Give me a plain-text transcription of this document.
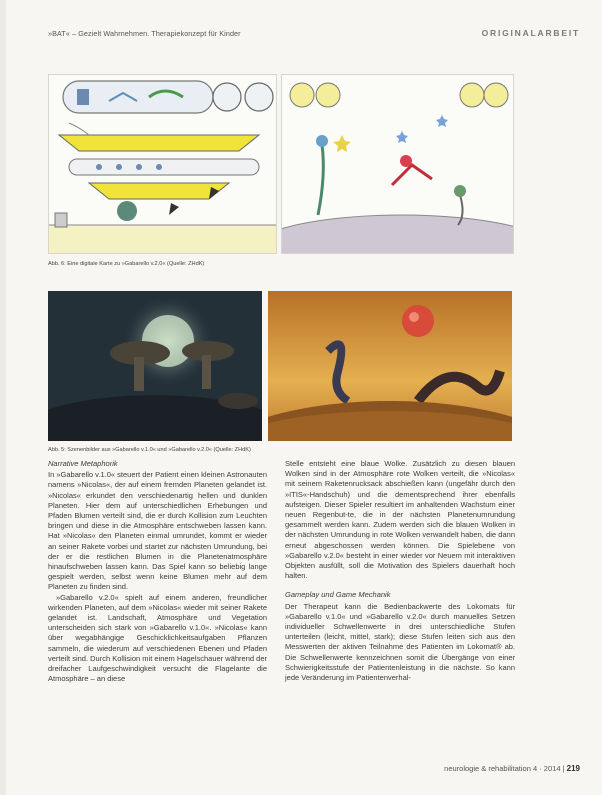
»BAT« – Gezielt Wahrnehmen. Therapiekonzept für Kinder	ORIGINALARBEIT
Abb. 6: Eine digitale Karte zu »Gabarello v.2.0« (Quelle: ZHdK)
Abb. 5: Szenenbilder aus »Gabarello v.1.0« und »Gabarello v.2.0« (Quelle: ZHdK)

Narrative Metaphorik

In »Gabarello v.1.0« steuert der Patient einen kleinen Astronauten namens »Nicolas«, der auf einem fremden Planeten gelandet ist. »Nicolas« erkundet den verschiedenartig hellen und dunklen Planeten. Hier dem auf unterschiedlichen Erhebungen und Pfaden Blumen verteilt sind, die er durch Kollision zum Leuchten bringen und diese in die Atmosphäre entschweben lassen kann. Hat »Nicolas« den Planeten einmal umrundet, kommt er wieder an seiner Rakete vorbei und startet zur nächsten Umrundung, bei der er die restlichen Blumen in die Planetenatmosphäre hinaufschweben lassen kann. Das Spiel kann so beliebig lange gespielt werden, selbst wenn keine Blumen mehr auf dem Planeten zu finden sind.

»Gabarello v.2.0« spielt auf einem anderen, freundlicher wirkenden Planeten, auf dem »Nicolas« wieder mit seiner Rakete gelandet ist. Landschaft, Atmosphäre und Vegetation unterscheiden sich stark von »Gabarello v.1.0«. »Nicolas« kann über wegabhängige Geschicklichkeitsaufgaben Pflanzen sammeln, die wiederum auf verschiedenen Ebenen und Pfaden verteilt sind. Durch Kollision mit einem Hagelschauer während der dreifacher Laufgeschwindigkeit versucht die Flagelante die Atmosphäre – an diese

Stelle entsteht eine blaue Wolke. Zusätzlich zu diesen blauen Wolken sind in der Atmosphäre rote Wolken verteilt, die »Nicolas« mit seinem Raketenrucksack abschießen kann (ungefähr durch den »ITIS«-Handschuh) und die dementsprechend ihrer ebenfalls aufsteigen. Dieser Spieler resultiert im anhaltenden Wachstum einer neuen Regenbut-te, die in der nächsten Planetenumrundung gesammelt werden kann. Zudem werden sich die blauen Wolken in der nächsten Umrundung in rote Wolken verwandelt haben, die dann erneut abgeschossen werden können. Die Spielebene von »Gabarello v.2.0« besteht in einer wieder vor Neuem mit interaktiven Objekten ausfüllt, soll die Motivation des Spielers dauerhaft hoch halten.

Gameplay und Game Mechanik

Der Therapeut kann die Bedienbackwerte des Lokomats für »Gabarello v.1.0« und »Gabarello v.2.0« durch manuelles Setzen individueller Schwellenwerte in drei unterschiedliche Stufen unterteilen (leicht, mittel, stark); diese Stufen leiten sich aus den Messwerten der aktiven Teilnahme des Patienten im Lokomat® ab. Die Schwellenwerte kennzeichnen somit die Übergänge von einer Schwierigkeitsstufe der Patientenleistung in die nächste. So kann jede Veränderung im Patientenverhal-

neurologie & rehabilitation 4 · 2014 | 219
